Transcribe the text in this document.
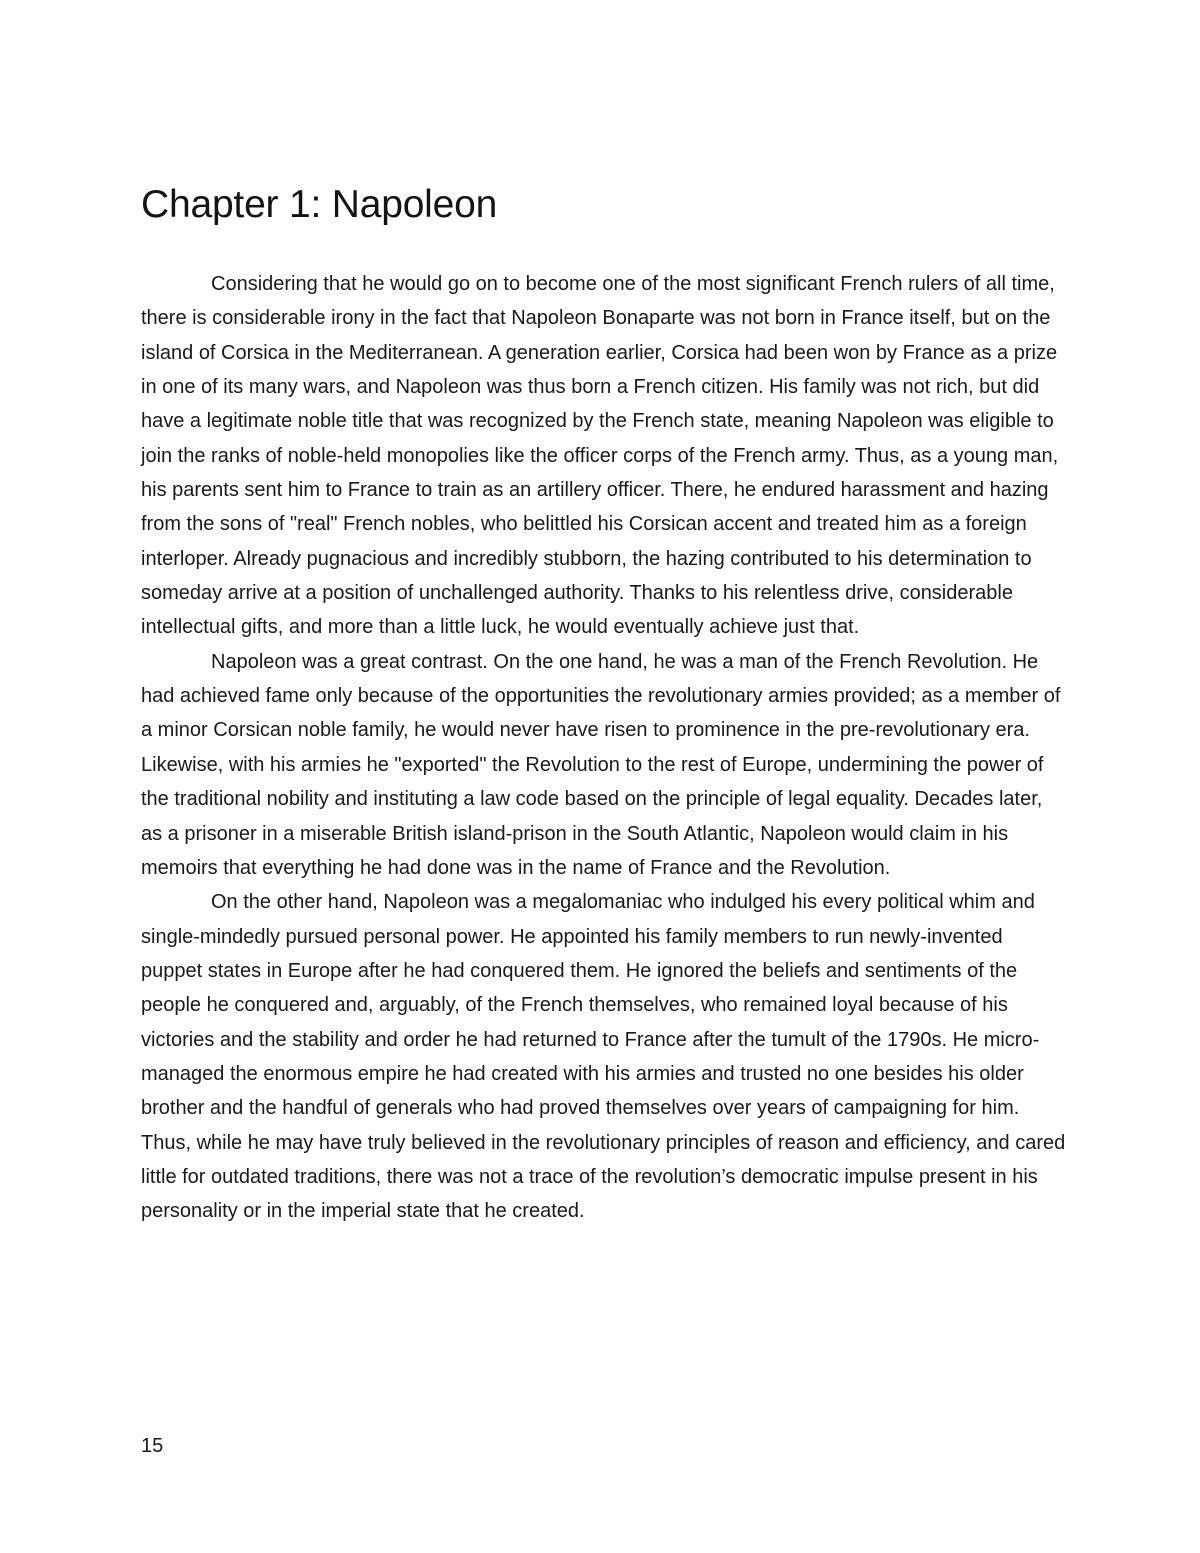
Chapter 1: Napoleon

Considering that he would go on to become one of the most significant French rulers of all time, there is considerable irony in the fact that Napoleon Bonaparte was not born in France itself, but on the island of Corsica in the Mediterranean. A generation earlier, Corsica had been won by France as a prize in one of its many wars, and Napoleon was thus born a French citizen. His family was not rich, but did have a legitimate noble title that was recognized by the French state, meaning Napoleon was eligible to join the ranks of noble-held monopolies like the officer corps of the French army. Thus, as a young man, his parents sent him to France to train as an artillery officer. There, he endured harassment and hazing from the sons of "real" French nobles, who belittled his Corsican accent and treated him as a foreign interloper. Already pugnacious and incredibly stubborn, the hazing contributed to his determination to someday arrive at a position of unchallenged authority. Thanks to his relentless drive, considerable intellectual gifts, and more than a little luck, he would eventually achieve just that.

Napoleon was a great contrast. On the one hand, he was a man of the French Revolution. He had achieved fame only because of the opportunities the revolutionary armies provided; as a member of a minor Corsican noble family, he would never have risen to prominence in the pre-revolutionary era. Likewise, with his armies he "exported" the Revolution to the rest of Europe, undermining the power of the traditional nobility and instituting a law code based on the principle of legal equality. Decades later, as a prisoner in a miserable British island-prison in the South Atlantic, Napoleon would claim in his memoirs that everything he had done was in the name of France and the Revolution.

On the other hand, Napoleon was a megalomaniac who indulged his every political whim and single-mindedly pursued personal power. He appointed his family members to run newly-invented puppet states in Europe after he had conquered them. He ignored the beliefs and sentiments of the people he conquered and, arguably, of the French themselves, who remained loyal because of his victories and the stability and order he had returned to France after the tumult of the 1790s. He micro-managed the enormous empire he had created with his armies and trusted no one besides his older brother and the handful of generals who had proved themselves over years of campaigning for him. Thus, while he may have truly believed in the revolutionary principles of reason and efficiency, and cared little for outdated traditions, there was not a trace of the revolution’s democratic impulse present in his personality or in the imperial state that he created.

15
